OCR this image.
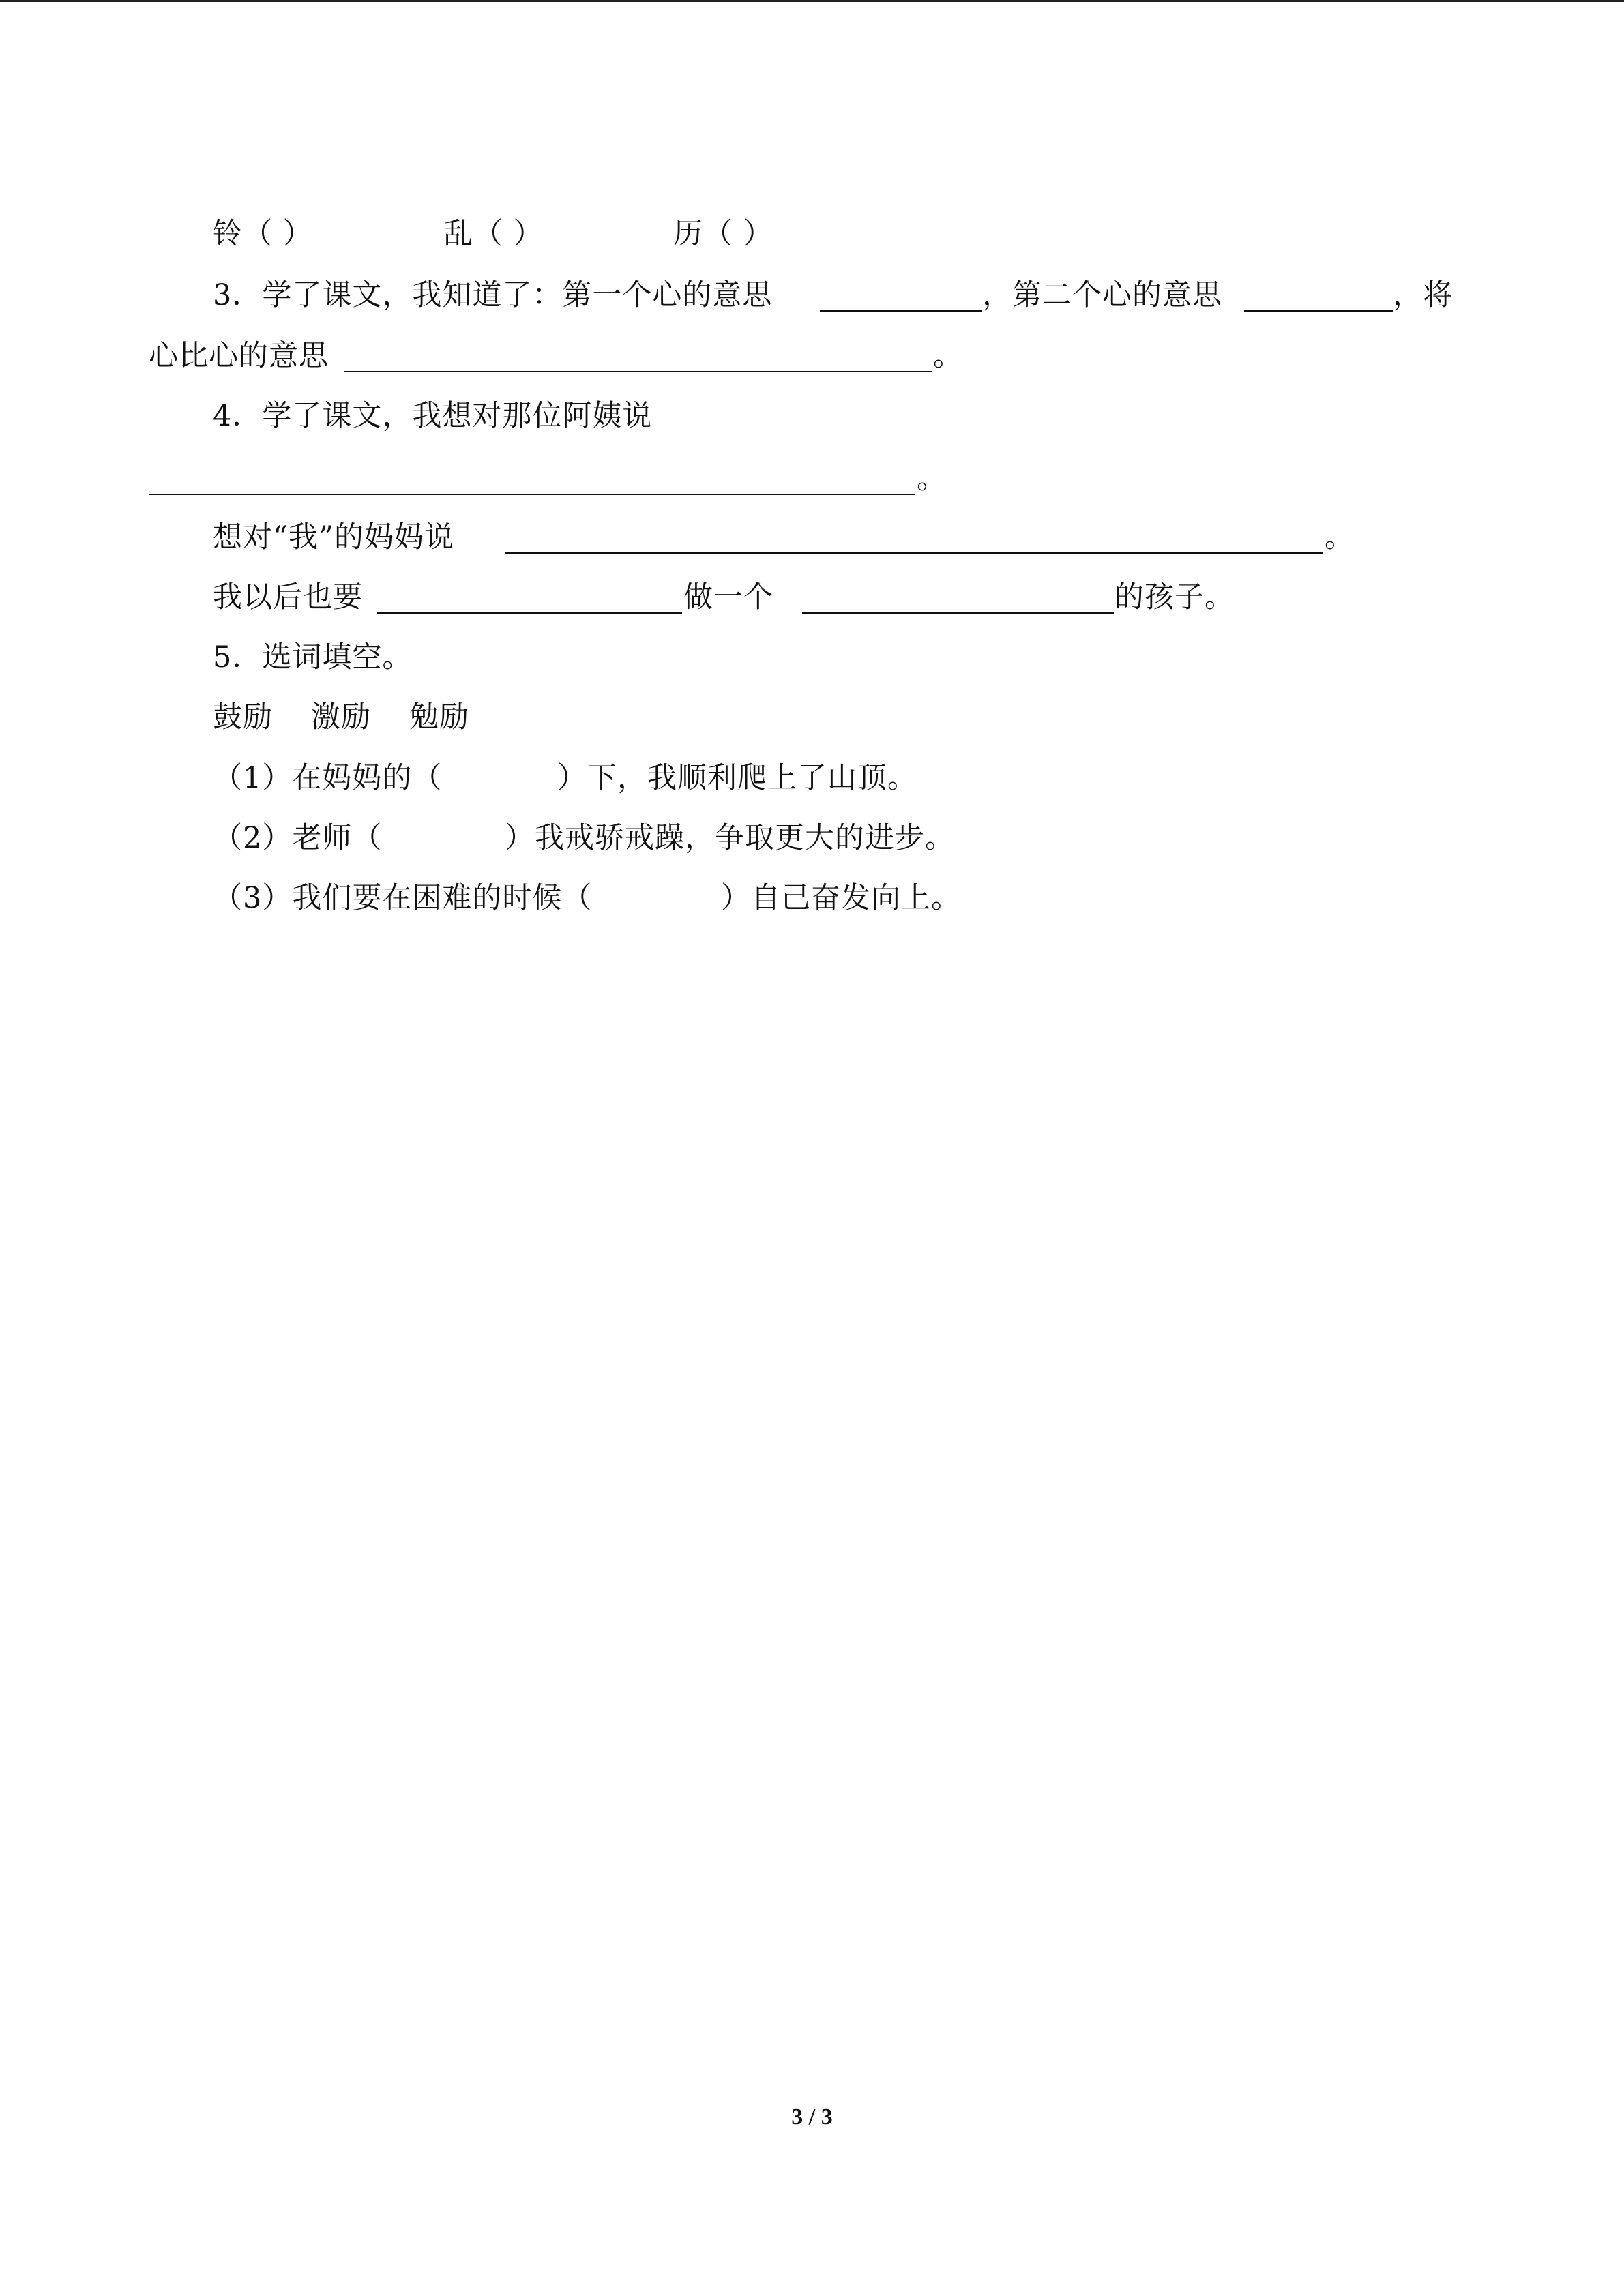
铃（ ）	乱（ ）	历（ ）
3．学了课文，我知道了：第一个心的意思	，第二个心的意思	，将
心比心的意思	。
4．学了课文，我想对那位阿姨说
。
想对“我”的妈妈说	。
我以后也要	做一个	的孩子。
5．选词填空。
鼓励 激励 勉励
（1）在妈妈的（	）下，我顺利爬上了山顶。
（2）老师（	）我戒骄戒躁，争取更大的进步。
（3）我们要在困难的时候（	）自己奋发向上。
3 / 3
